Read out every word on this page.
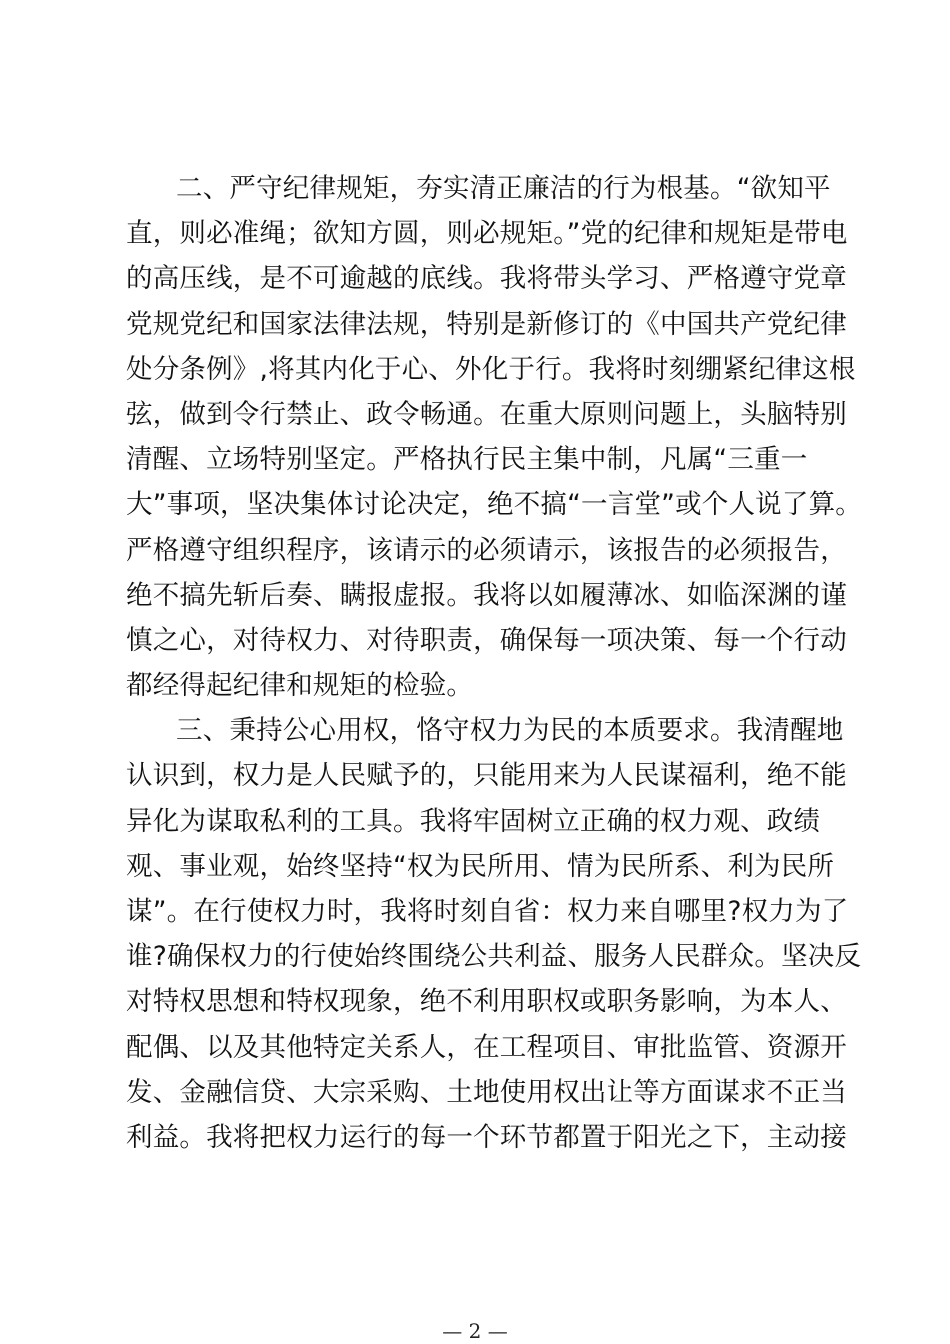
二、严守纪律规矩，夯实清正廉洁的行为根基。“欲知平
直，则必准绳；欲知方圆，则必规矩。”党的纪律和规矩是带电
的高压线，是不可逾越的底线。我将带头学习、严格遵守党章
党规党纪和国家法律法规，特别是新修订的《中国共产党纪律
处分条例》,将其内化于心、外化于行。我将时刻绷紧纪律这根
弦，做到令行禁止、政令畅通。在重大原则问题上，头脑特别
清醒、立场特别坚定。严格执行民主集中制，凡属“三重一
大”事项，坚决集体讨论决定，绝不搞“一言堂”或个人说了算。
严格遵守组织程序，该请示的必须请示，该报告的必须报告，
绝不搞先斩后奏、瞒报虚报。我将以如履薄冰、如临深渊的谨
慎之心，对待权力、对待职责，确保每一项决策、每一个行动
都经得起纪律和规矩的检验。
三、秉持公心用权，恪守权力为民的本质要求。我清醒地
认识到，权力是人民赋予的，只能用来为人民谋福利，绝不能
异化为谋取私利的工具。我将牢固树立正确的权力观、政绩
观、事业观，始终坚持“权为民所用、情为民所系、利为民所
谋”。在行使权力时，我将时刻自省：权力来自哪里?权力为了
谁?确保权力的行使始终围绕公共利益、服务人民群众。坚决反
对特权思想和特权现象，绝不利用职权或职务影响，为本人、
配偶、以及其他特定关系人，在工程项目、审批监管、资源开
发、金融信贷、大宗采购、土地使用权出让等方面谋求不正当
利益。我将把权力运行的每一个环节都置于阳光之下，主动接
— 2 —
